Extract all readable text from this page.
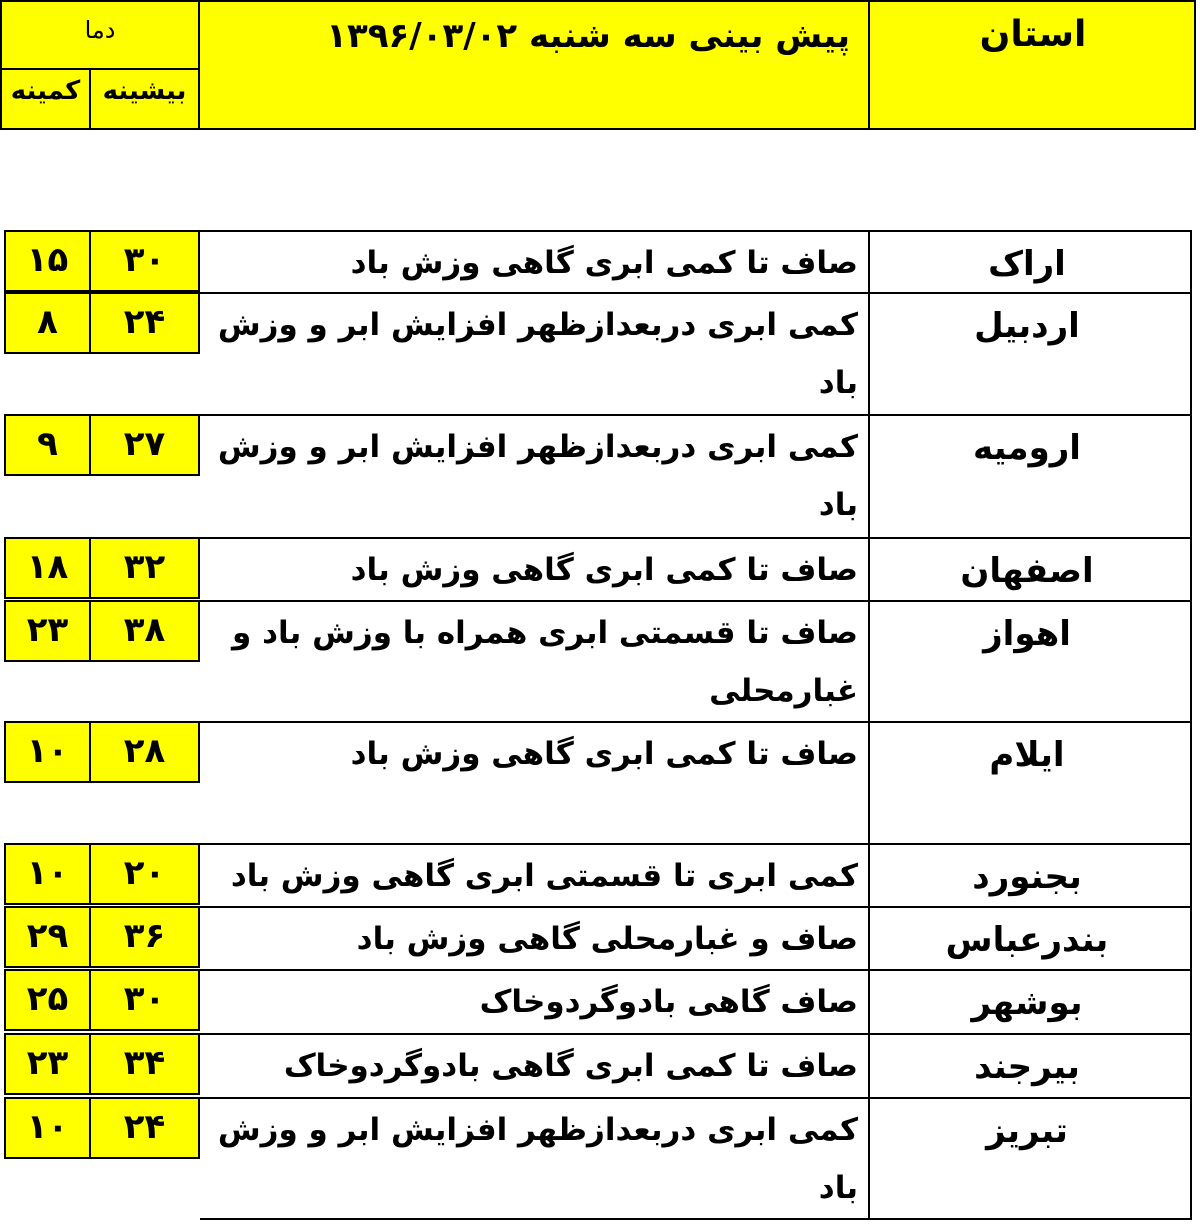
استان
پیش بینی سه شنبه ۱۳۹۶/۰۳/۰۲
دما
بیشینه
کمینه
اراک
صاف تا کمی ابری گاهی وزش باد
۳۰
۱۵
اردبیل
کمی ابری دربعدازظهر افزایش ابر و وزش باد
۲۴
۸
ارومیه
کمی ابری دربعدازظهر افزایش ابر و وزش باد
۲۷
۹
اصفهان
صاف تا کمی ابری گاهی وزش باد
۳۲
۱۸
اهواز
صاف تا قسمتی ابری همراه با وزش باد و غبارمحلی
۳۸
۲۳
ایلام
صاف تا کمی ابری گاهی وزش باد
۲۸
۱۰
بجنورد
کمی ابری تا قسمتی ابری گاهی وزش باد
۲۰
۱۰
بندرعباس
صاف و غبارمحلی گاهی وزش باد
۳۶
۲۹
بوشهر
صاف گاهی بادوگردوخاک
۳۰
۲۵
بیرجند
صاف تا کمی ابری گاهی بادوگردوخاک
۳۴
۲۳
تبریز
کمی ابری دربعدازظهر افزایش ابر و وزش باد
۲۴
۱۰
